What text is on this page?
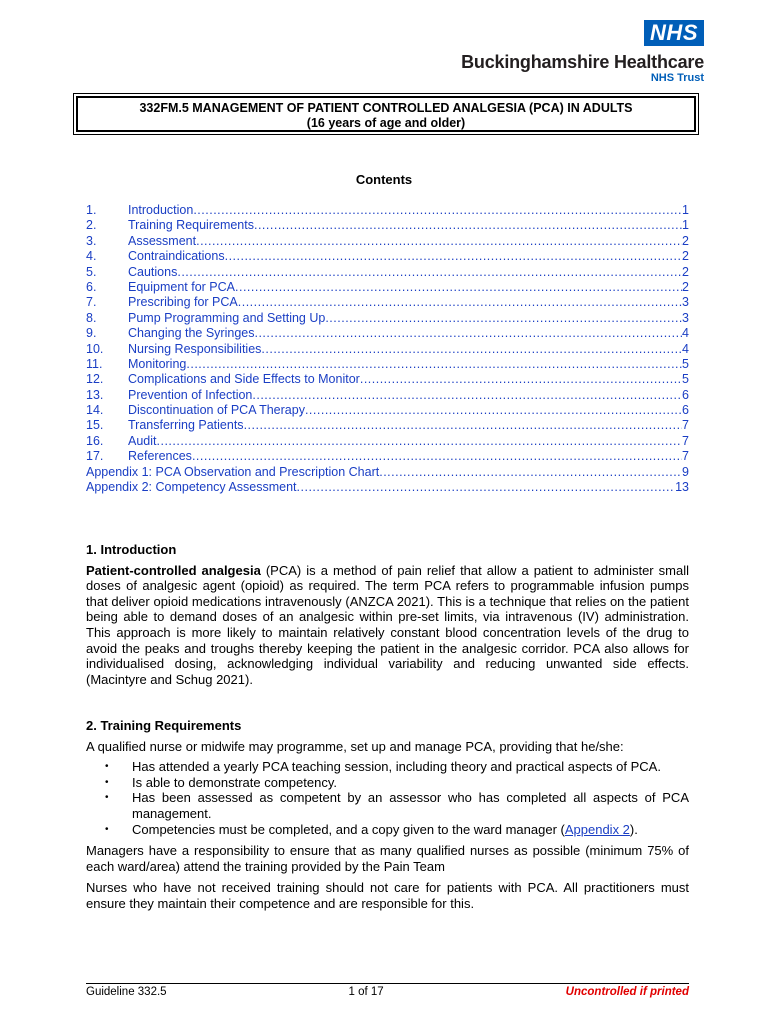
NHS
Buckinghamshire Healthcare
NHS Trust
332FM.5 MANAGEMENT OF PATIENT CONTROLLED ANALGESIA (PCA) IN ADULTS
(16 years of age and older)
Contents
1.	Introduction .....	1
2.	Training Requirements .....	1
3.	Assessment .....	2
4.	Contraindications .....	2
5.	Cautions .....	2
6.	Equipment for PCA .....	2
7.	Prescribing for PCA .....	3
8.	Pump Programming and Setting Up .....	3
9.	Changing the Syringes .....	4
10.	Nursing Responsibilities .....	4
11.	Monitoring .....	5
12.	Complications and Side Effects to Monitor .....	5
13.	Prevention of Infection .....	6
14.	Discontinuation of PCA Therapy .....	6
15.	Transferring Patients .....	7
16.	Audit .....	7
17.	References .....	7
Appendix 1: PCA Observation and Prescription Chart .....	9
Appendix 2: Competency Assessment .....	13
1. Introduction
Patient-controlled analgesia (PCA) is a method of pain relief that allow a patient to administer small doses of analgesic agent (opioid) as required. The term PCA refers to programmable infusion pumps that deliver opioid medications intravenously (ANZCA 2021). This is a technique that relies on the patient being able to demand doses of an analgesic within pre-set limits, via intravenous (IV) administration. This approach is more likely to maintain relatively constant blood concentration levels of the drug to avoid the peaks and troughs thereby keeping the patient in the analgesic corridor. PCA also allows for individualised dosing, acknowledging individual variability and reducing unwanted side effects. (Macintyre and Schug 2021).
2. Training Requirements
A qualified nurse or midwife may programme, set up and manage PCA, providing that he/she:
• Has attended a yearly PCA teaching session, including theory and practical aspects of PCA.
• Is able to demonstrate competency.
• Has been assessed as competent by an assessor who has completed all aspects of PCA management.
• Competencies must be completed, and a copy given to the ward manager (Appendix 2).
Managers have a responsibility to ensure that as many qualified nurses as possible (minimum 75% of each ward/area) attend the training provided by the Pain Team
Nurses who have not received training should not care for patients with PCA. All practitioners must ensure they maintain their competence and are responsible for this.
Guideline 332.5	1 of 17	Uncontrolled if printed
